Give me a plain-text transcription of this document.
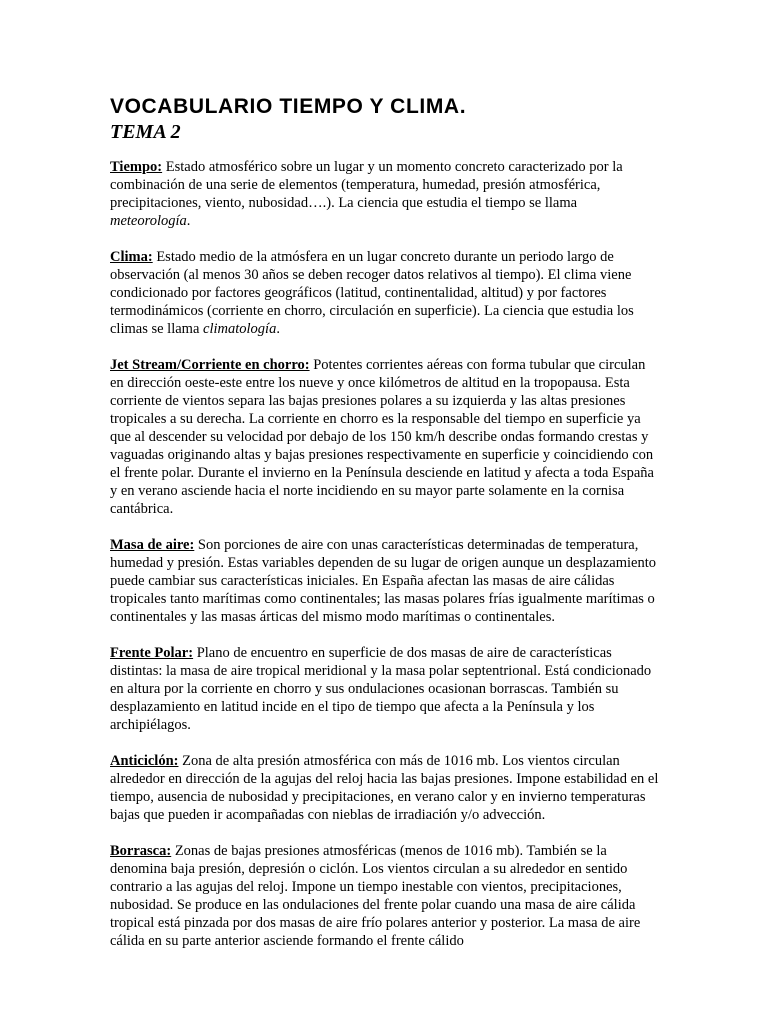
VOCABULARIO TIEMPO Y CLIMA.
TEMA 2

Tiempo: Estado atmosférico sobre un lugar y un momento concreto caracterizado por la combinación de una serie de elementos (temperatura, humedad, presión atmosférica, precipitaciones, viento, nubosidad….). La ciencia que estudia el tiempo se llama meteorología.

Clima: Estado medio de la atmósfera en un lugar concreto durante un periodo largo de observación (al menos 30 años se deben recoger datos relativos al tiempo). El clima viene condicionado por factores geográficos (latitud, continentalidad, altitud) y por factores termodinámicos (corriente en chorro, circulación en superficie). La ciencia que estudia los climas se llama climatología.

Jet Stream/Corriente en chorro: Potentes corrientes aéreas con forma tubular que circulan en dirección oeste-este entre los nueve y once kilómetros de altitud en la tropopausa. Esta corriente de vientos separa las bajas presiones polares a su izquierda y las altas presiones tropicales a su derecha. La corriente en chorro es la responsable del tiempo en superficie ya que al descender su velocidad por debajo de los 150 km/h describe ondas formando crestas y vaguadas originando altas y bajas presiones respectivamente en superficie y coincidiendo con el frente polar. Durante el invierno en la Península desciende en latitud y afecta a toda España y en verano asciende hacia el norte incidiendo en su mayor parte solamente en la cornisa cantábrica.

Masa de aire: Son porciones de aire con unas características determinadas de temperatura, humedad y presión. Estas variables dependen de su lugar de origen aunque un desplazamiento puede cambiar sus características iniciales. En España afectan las masas de aire cálidas tropicales tanto marítimas como continentales; las masas polares frías igualmente marítimas o continentales y las masas árticas del mismo modo marítimas o continentales.

Frente Polar: Plano de encuentro en superficie de dos masas de aire de características distintas: la masa de aire tropical meridional y la masa polar septentrional. Está condicionado en altura por la corriente en chorro y sus ondulaciones ocasionan borrascas. También su desplazamiento en latitud incide en el tipo de tiempo que afecta a la Península y los archipiélagos.

Anticiclón: Zona de alta presión atmosférica con más de 1016 mb. Los vientos circulan alrededor en dirección de la agujas del reloj hacia las bajas presiones. Impone estabilidad en el tiempo, ausencia de nubosidad y precipitaciones, en verano calor y en invierno temperaturas bajas que pueden ir acompañadas con nieblas de irradiación y/o advección.

Borrasca: Zonas de bajas presiones atmosféricas (menos de 1016 mb). También se la denomina baja presión, depresión o ciclón. Los vientos circulan a su alrededor en sentido contrario a las agujas del reloj. Impone un tiempo inestable con vientos, precipitaciones, nubosidad. Se produce en las ondulaciones del frente polar cuando una masa de aire cálida tropical está pinzada por dos masas de aire frío polares anterior y posterior. La masa de aire cálida en su parte anterior asciende formando el frente cálido
